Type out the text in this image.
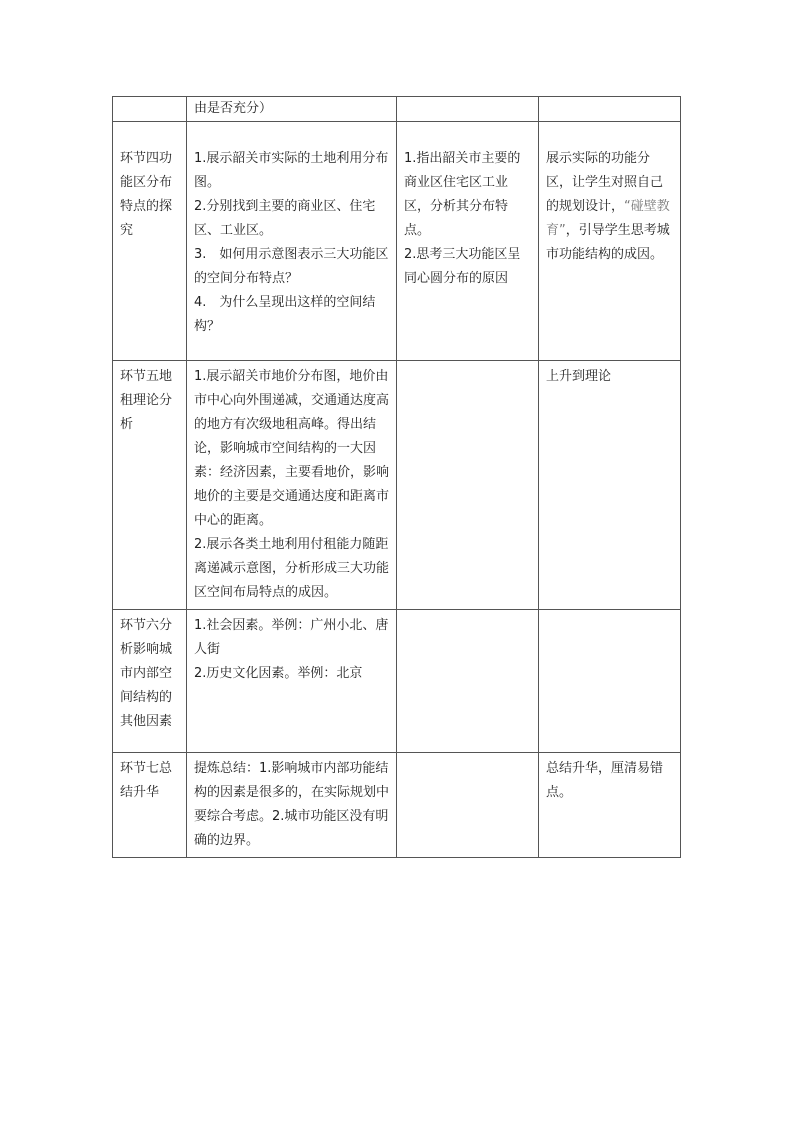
	由是否充分）		

环节四功能区分布特点的探究	1.展示韶关市实际的土地利用分布图。
2.分别找到主要的商业区、住宅区、工业区。
3.　如何用示意图表示三大功能区的空间分布特点？
4.　为什么呈现出这样的空间结构？	1.指出韶关市主要的商业区住宅区工业区，分析其分布特点。
2.思考三大功能区呈同心圆分布的原因	展示实际的功能分区，让学生对照自己的规划设计，“碰壁教育”，引导学生思考城市功能结构的成因。

环节五地租理论分析	1.展示韶关市地价分布图，地价由市中心向外围递减，交通通达度高的地方有次级地租高峰。得出结论，影响城市空间结构的一大因素：经济因素，主要看地价，影响地价的主要是交通通达度和距离市中心的距离。
2.展示各类土地利用付租能力随距离递减示意图，分析形成三大功能区空间布局特点的成因。		上升到理论

环节六分析影响城市内部空间结构的其他因素	1.社会因素。举例：广州小北、唐人街
2.历史文化因素。举例：北京		

环节七总结升华	提炼总结：1.影响城市内部功能结构的因素是很多的，在实际规划中要综合考虑。2.城市功能区没有明确的边界。		总结升华，厘清易错点。
